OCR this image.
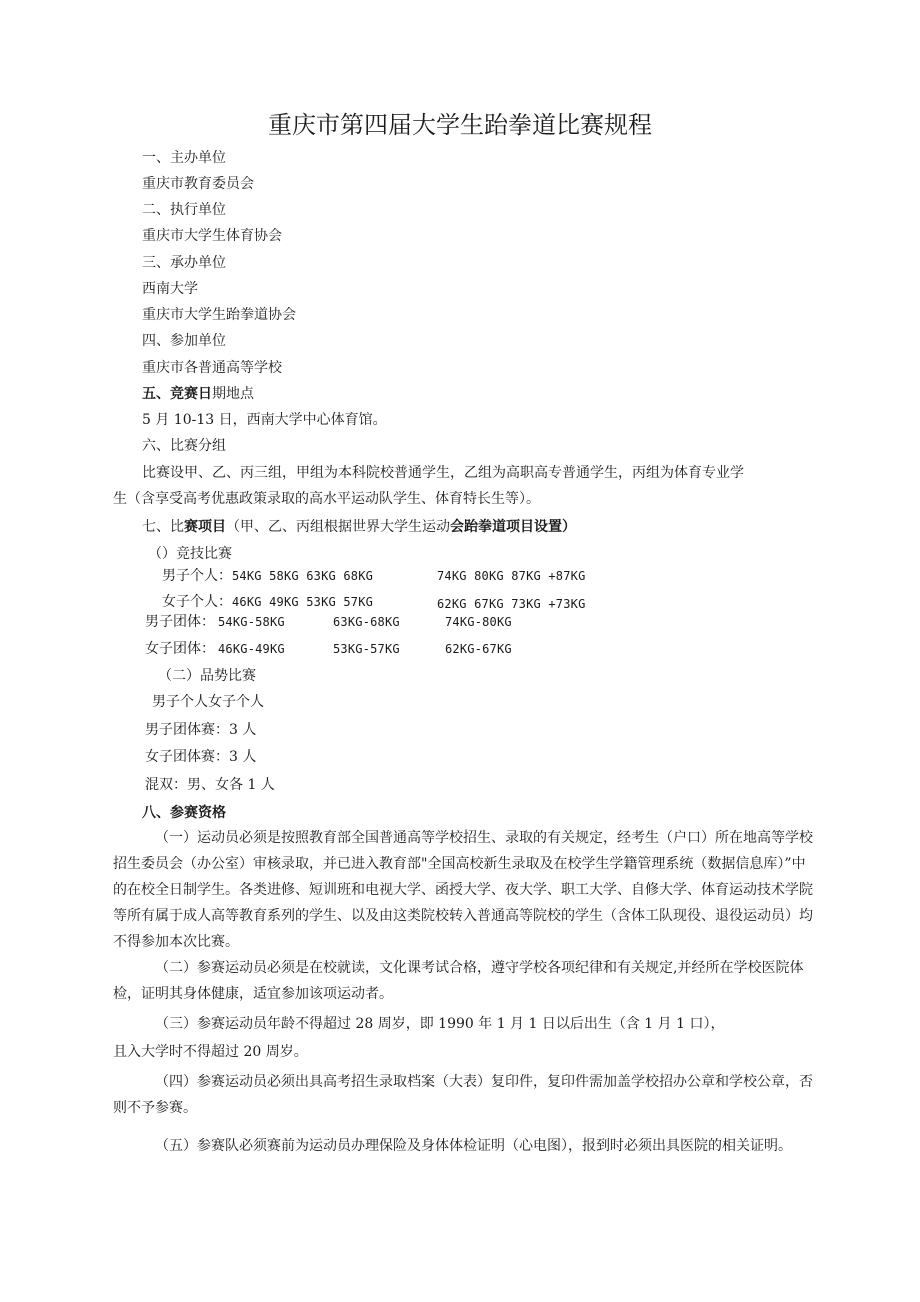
重庆市第四届大学生跆拳道比赛规程
一、主办单位
重庆市教育委员会
二、执行单位
重庆市大学生体育协会
三、承办单位
西南大学
重庆市大学生跆拳道协会
四、参加单位
重庆市各普通高等学校
五、竞赛日期地点
5 月 10-13 日，西南大学中心体育馆。
六、比赛分组
比赛设甲、乙、丙三组，甲组为本科院校普通学生，乙组为高职高专普通学生，丙组为体育专业学
生（含享受高考优惠政策录取的高水平运动队学生、体育特长生等）。
七、比赛项目（甲、乙、丙组根据世界大学生运动会跆拳道项目设置）
（）竞技比赛
男子个人：54KG 58KG 63KG 68KG	74KG 80KG 87KG +87KG
女子个人：46KG 49KG 53KG 57KG	62KG 67KG 73KG +73KG
男子团体： 54KG-58KG	63KG-68KG	74KG-80KG
女子团体： 46KG-49KG	53KG-57KG	62KG-67KG
（二）品势比赛
男子个人女子个人
男子团体赛：3 人
女子团体赛：3 人
混双：男、女各 1 人
八、参赛资格
（一）运动员必须是按照教育部全国普通高等学校招生、录取的有关规定，经考生（户口）所在地高等学校招生委员会（办公室）审核录取，并已进入教育部"全国高校新生录取及在校学生学籍管理系统（数据信息库）”中的在校全日制学生。各类进修、短训班和电视大学、函授大学、夜大学、职工大学、自修大学、体育运动技术学院等所有属于成人高等教育系列的学生、以及由这类院校转入普通高等院校的学生（含体工队现役、退役运动员）均不得参加本次比赛。
（二）参赛运动员必须是在校就读，文化课考试合格，遵守学校各项纪律和有关规定,并经所在学校医院体检，证明其身体健康，适宜参加该项运动者。
（三）参赛运动员年龄不得超过 28 周岁，即 1990 年 1 月 1 日以后出生（含 1 月 1 口），
且入大学时不得超过 20 周岁。
（四）参赛运动员必须出具高考招生录取档案（大表）复印件，复印件需加盖学校招办公章和学校公章，否则不予参赛。
（五）参赛队必须赛前为运动员办理保险及身体体检证明（心电图），报到时必须出具医院的相关证明。
